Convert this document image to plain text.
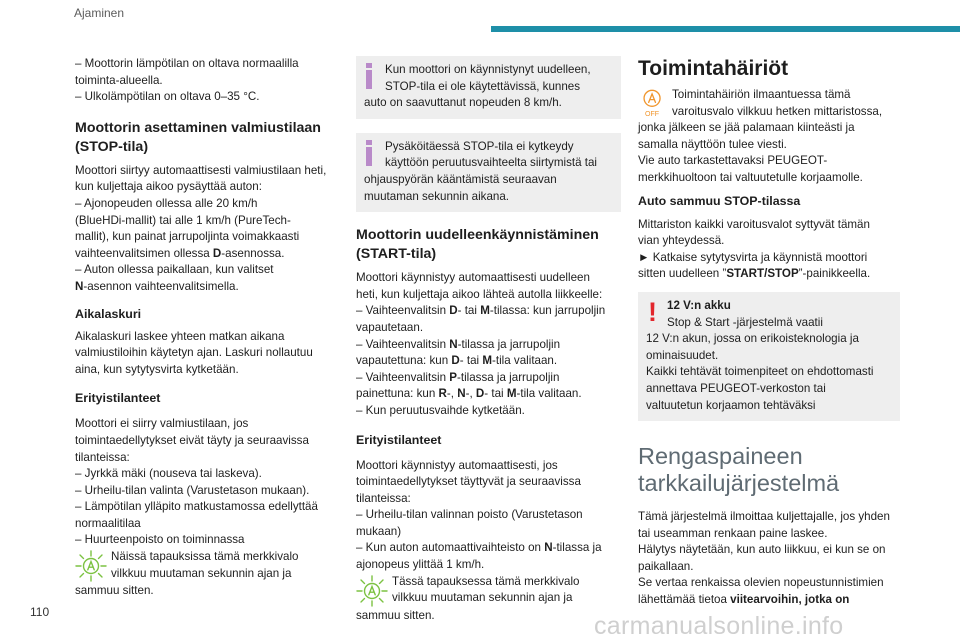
Ajaminen

– Moottorin lämpötilan on oltava normaalilla

toiminta-alueella.

– Ulkolämpötilan on oltava 0–35 °C.

Moottorin asettaminen valmiustilaan
(STOP-tila)

Moottori siirtyy automaattisesti valmiustilaan heti,

kun kuljettaja aikoo pysäyttää auton:

– Ajonopeuden ollessa alle 20 km/h

(BlueHDi-mallit) tai alle 1 km/h (PureTech-

mallit), kun painat jarrupoljinta voimakkaasti

vaihteenvalitsimen ollessa D-asennossa.

– Auton ollessa paikallaan, kun valitset

N-asennon vaihteenvalitsimella.

Aikalaskuri

Aikalaskuri laskee yhteen matkan aikana

valmiustiloihin käytetyn ajan. Laskuri nollautuu

aina, kun sytytysvirta kytketään.

Erityistilanteet

Moottori ei siirry valmiustilaan, jos

toimintaedellytykset eivät täyty ja seuraavissa

tilanteissa:

– Jyrkkä mäki (nouseva tai laskeva).

– Urheilu-tilan valinta (Varustetason mukaan).

– Lämpötilan ylläpito matkustamossa edellyttää

normaalitilaa

– Huurteenpoisto on toiminnassa

Näissä tapauksissa tämä merkkivalo

vilkkuu muutaman sekunnin ajan ja

sammuu sitten.

Kun moottori on käynnistynyt uudelleen,

STOP-tila ei ole käytettävissä, kunnes

auto on saavuttanut nopeuden 8 km/h.

Pysäköitäessä STOP-tila ei kytkeydy

käyttöön peruutusvaihteelta siirtymistä tai

ohjauspyörän kääntämistä seuraavan

muutaman sekunnin aikana.

Moottorin uudelleenkäynnistäminen
(START-tila)

Moottori käynnistyy automaattisesti uudelleen

heti, kun kuljettaja aikoo lähteä autolla liikkeelle:

– Vaihteenvalitsin D- tai M-tilassa: kun jarrupoljin

vapautetaan.

– Vaihteenvalitsin N-tilassa ja jarrupoljin

vapautettuna: kun D- tai M-tila valitaan.

– Vaihteenvalitsin P-tilassa ja jarrupoljin

painettuna: kun R-, N-, D- tai M-tila valitaan.

– Kun peruutusvaihde kytketään.

Erityistilanteet

Moottori käynnistyy automaattisesti, jos

toimintaedellytykset täyttyvät ja seuraavissa

tilanteissa:

– Urheilu-tilan valinnan poisto (Varustetason

mukaan)

– Kun auton automaattivaihteisto on N-tilassa ja

ajonopeus ylittää 1 km/h.

Tässä tapauksessa tämä merkkivalo

vilkkuu muutaman sekunnin ajan ja

sammuu sitten.

Toimintahäiriöt
OFF

Toimintahäiriön ilmaantuessa tämä

varoitusvalo vilkkuu hetken mittaristossa,

jonka jälkeen se jää palamaan kiinteästi ja

samalla näyttöön tulee viesti.

Vie auto tarkastettavaksi PEUGEOT-

merkkihuoltoon tai valtuutetulle korjaamolle.

Auto sammuu STOP-tilassa

Mittariston kaikki varoitusvalot syttyvät tämän

vian yhteydessä.

► Katkaise sytytysvirta ja käynnistä moottori

sitten uudelleen ”START/STOP”-painikkeella.

! 12 V:n akku

Stop & Start -järjestelmä vaatii

12 V:n akun, jossa on erikoisteknologia ja

ominaisuudet.

Kaikki tehtävät toimenpiteet on ehdottomasti

annettava PEUGEOT-verkoston tai

valtuutetun korjaamon tehtäväksi

Rengaspaineen
tarkkailujärjestelmä

Tämä järjestelmä ilmoittaa kuljettajalle, jos yhden

tai useamman renkaan paine laskee.

Hälytys näytetään, kun auto liikkuu, ei kun se on

paikallaan.

Se vertaa renkaissa olevien nopeustunnistimien

lähettämää tietoa viitearvoihin, jotka on

110	carmanualsonline.info
